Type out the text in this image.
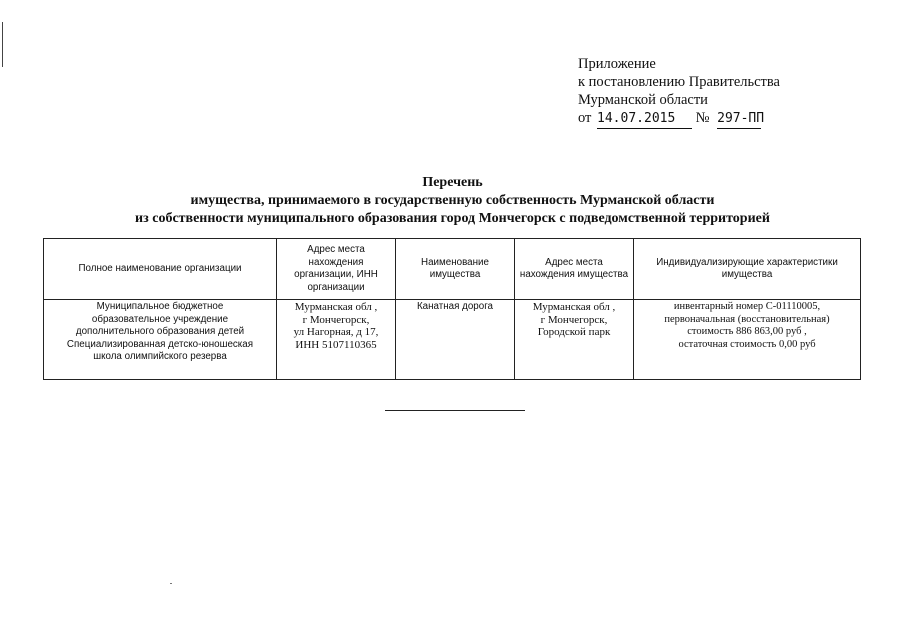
Приложение
к постановлению Правительства
Мурманской области
от 14.07.2015 № 297-ПП
Перечень
имущества, принимаемого в государственную собственность Мурманской области
из собственности муниципального образования город Мончегорск с подведомственной территорией
Полное наименование организации	Адрес места нахождения организации, ИНН организации	Наименование имущества	Адрес места нахождения имущества	Индивидуализирующие характеристики имущества

Муниципальное бюджетное
образовательное учреждение
дополнительного образования детей
Специализированная детско-юношеская
школа олимпийского резерва	Мурманская обл ,
г Мончегорск,
ул Нагорная, д 17,
ИНН 5107110365	Канатная дорога	Мурманская обл ,
г Мончегорск,
Городской парк	инвентарный номер С-01110005,
первоначальная (восстановительная)
стоимость 886 863,00 руб ,
остаточная стоимость 0,00 руб
